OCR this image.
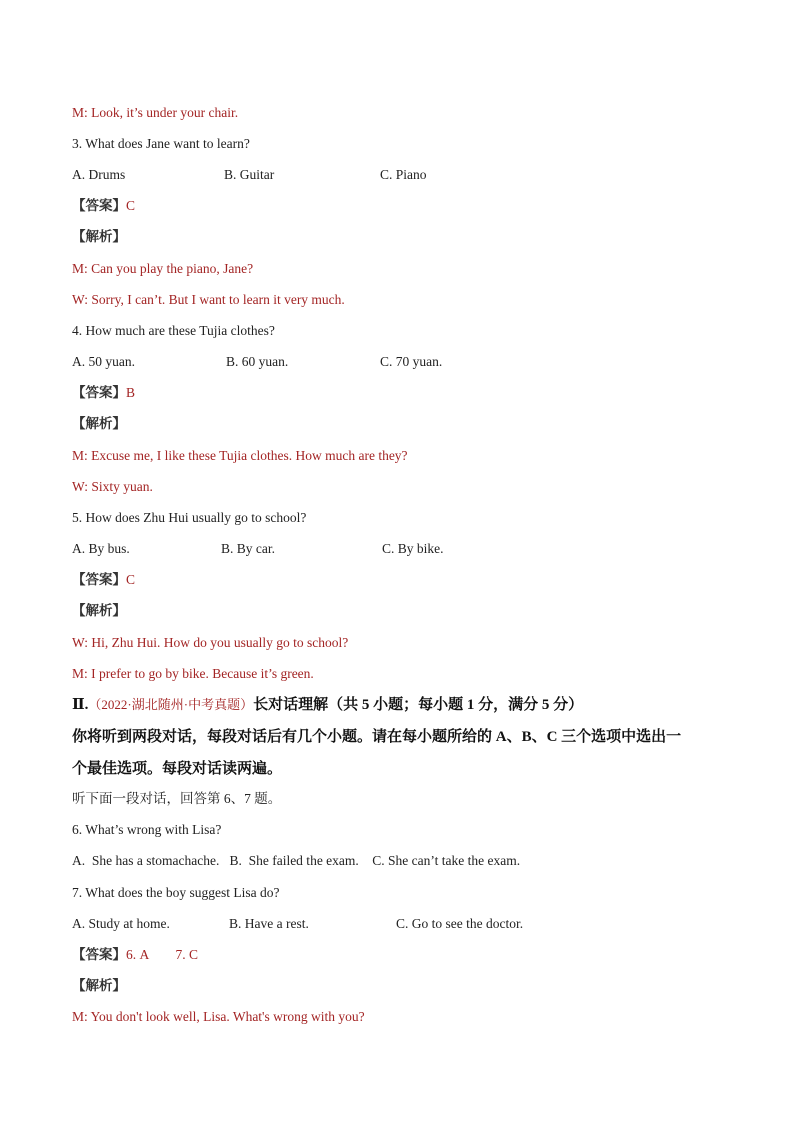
M: Look, it’s under your chair.
3. What does Jane want to learn?
A. Drums	B. Guitar	C. Piano
【答案】C
【解析】
M: Can you play the piano, Jane?
W: Sorry, I can’t. But I want to learn it very much.
4. How much are these Tujia clothes?
A. 50 yuan.	B. 60 yuan.	C. 70 yuan.
【答案】B
【解析】
M: Excuse me, I like these Tujia clothes. How much are they?
W: Sixty yuan.
5. How does Zhu Hui usually go to school?
A. By bus.	B. By car.	C. By bike.
【答案】C
【解析】
W: Hi, Zhu Hui. How do you usually go to school?
M: I prefer to go by bike. Because it’s green.
Ⅱ.（2022·湖北随州·中考真题）长对话理解（共 5 小题；每小题 1 分，满分 5 分）
你将听到两段对话，每段对话后有几个小题。请在每小题所给的 A、B、C 三个选项中选出一
个最佳选项。每段对话读两遍。
听下面一段对话，回答第 6、7 题。
6. What’s wrong with Lisa?
A.  She has a stomachache.   B.  She failed the exam.    C. She can’t take the exam.
7. What does the boy suggest Lisa do?
A. Study at home.	B. Have a rest.	C. Go to see the doctor.
【答案】6. A        7. C
【解析】
M: You don't look well, Lisa. What's wrong with you?
